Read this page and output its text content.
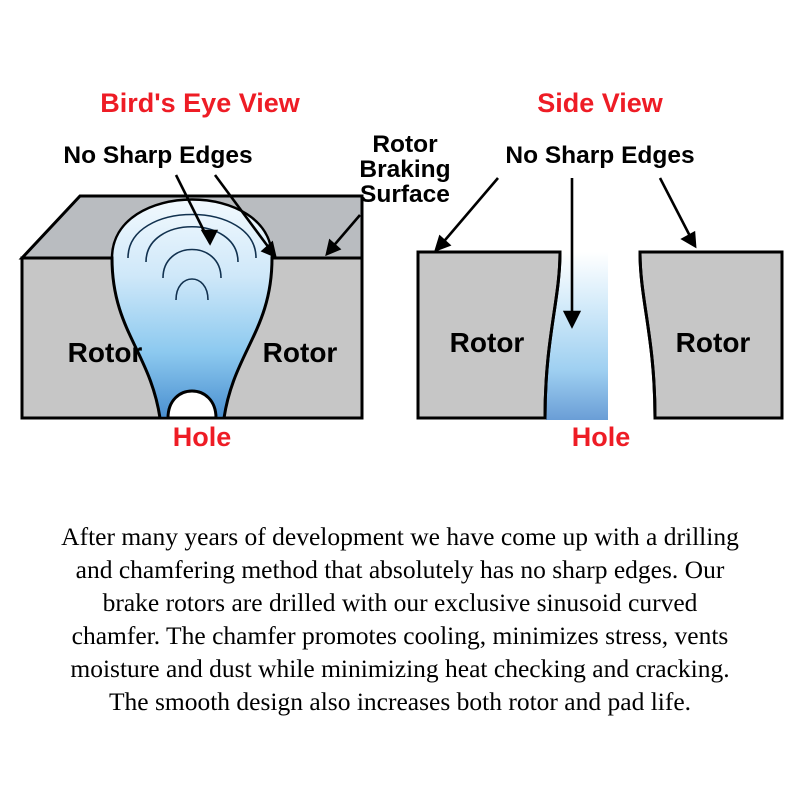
Bird's Eye View
No Sharp Edges	Rotor
Braking
Surface
Rotor	Rotor
Hole
Side View
No Sharp Edges
Rotor	Rotor
Hole
After many years of development we have come up with a drilling
and chamfering method that absolutely has no sharp edges. Our
brake rotors are drilled with our exclusive sinusoid curved
chamfer. The chamfer promotes cooling, minimizes stress, vents
moisture and dust while minimizing heat checking and cracking.
The smooth design also increases both rotor and pad life.
